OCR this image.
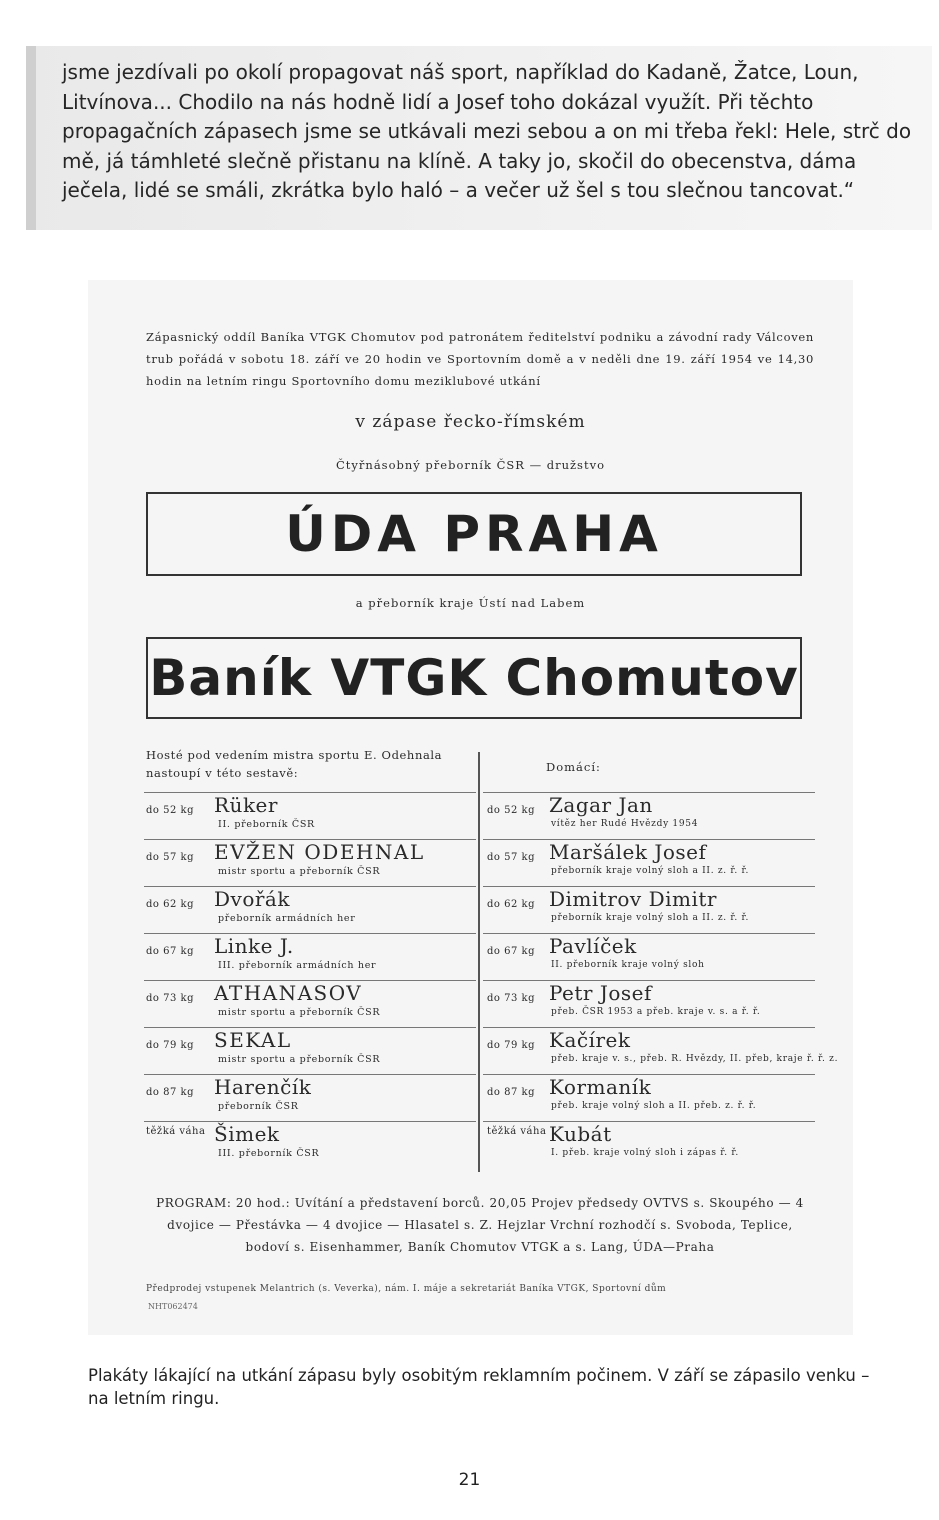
jsme jezdívali po okolí propagovat náš sport, například do Kadaně, Žatce, Loun, Litvínova... Chodilo na nás hodně lidí a Josef toho dokázal využít. Při těchto propagačních zápasech jsme se utkávali mezi sebou a on mi třeba řekl: Hele, strč do mě, já támhleté slečně přistanu na klíně. A taky jo, skočil do obecenstva, dáma ječela, lidé se smáli, zkrátka bylo haló – a večer už šel s tou slečnou tancovat.“

Zápasnický oddíl Baníka VTGK Chomutov pod patronátem ředitelství podniku a závodní rady Válcoven trub pořádá v sobotu 18. září ve 20 hodin ve Sportovním domě a v neděli dne 19. září 1954 ve 14,30 hodin na letním ringu Sportovního domu meziklubové utkání

v zápase řecko-římském

Čtyřnásobný přeborník ČSR — družstvo

ÚDA PRAHA

a přeborník kraje Ústí nad Labem

Baník VTGK Chomutov

Hosté pod vedením mistra sportu E. Odehnala nastoupí v této sestavě:	Domácí:

do 52 kg	Rüker
II. přeborník ČSR
do 57 kg	EVŽEN ODEHNAL
mistr sportu a přeborník ČSR
do 62 kg	Dvořák
přeborník armádních her
do 67 kg	Linke J.
III. přeborník armádních her
do 73 kg	ATHANASOV
mistr sportu a přeborník ČSR
do 79 kg	SEKAL
mistr sportu a přeborník ČSR
do 87 kg	Harenčík
přeborník ČSR
těžká váha Šimek
III. přeborník ČSR
do 52 kg Zagar Jan
vítěz her Rudé Hvězdy 1954
do 57 kg Maršálek Josef
přeborník kraje volný sloh a II. z. ř. ř.
do 62 kg Dimitrov Dimitr
přeborník kraje volný sloh a II. z. ř. ř.
do 67 kg Pavlíček
II. přeborník kraje volný sloh
do 73 kg Petr Josef
přeb. ČSR 1953 a přeb. kraje v. s. a ř. ř.
do 79 kg Kačírek
přeb. kraje v. s., přeb. R. Hvězdy, II. přeb, kraje ř. ř. z.
do 87 kg Kormaník
přeb. kraje volný sloh a II. přeb. z. ř. ř.
těžká váha Kubát
I. přeb. kraje volný sloh i zápas ř. ř.

PROGRAM: 20 hod.: Uvítání a představení borců. 20,05 Projev předsedy OVTVS s. Skoupého — 4 dvojice — Přestávka — 4 dvojice — Hlasatel s. Z. Hejzlar Vrchní rozhodčí s. Svoboda, Teplice, bodoví s. Eisenhammer, Baník Chomutov VTGK a s. Lang, ÚDA—Praha

Předprodej vstupenek Melantrich (s. Veverka), nám. I. máje a sekretariát Baníka VTGK, Sportovní dům

NHT062474

Plakáty lákající na utkání zápasu byly osobitým reklamním počinem. V září se zápasilo venku – na letním ringu.

21
